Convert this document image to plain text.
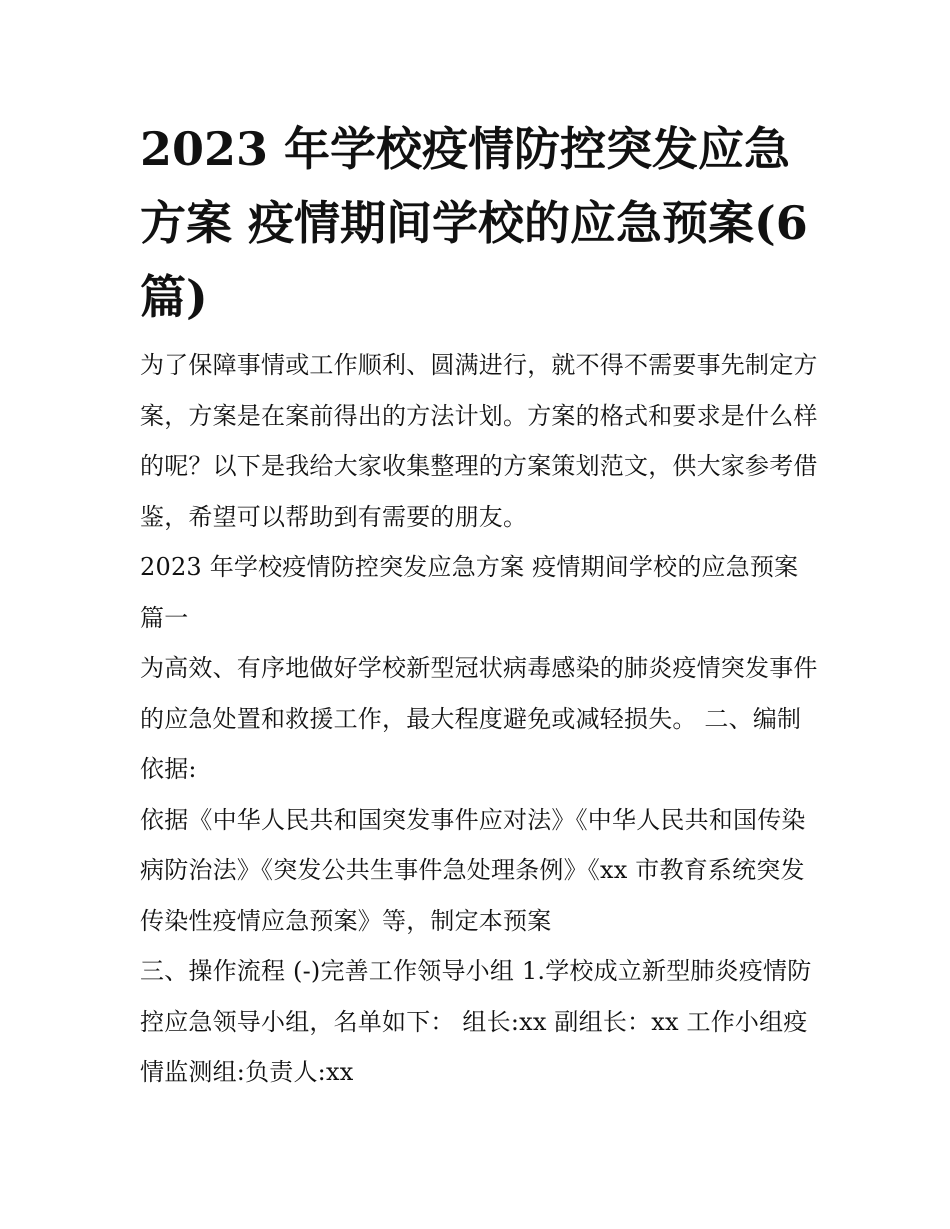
2023 年学校疫情防控突发应急方案 疫情期间学校的应急预案(6 篇)

为了保障事情或工作顺利、圆满进行，就不得不需要事先制定方案，方案是在案前得出的方法计划。方案的格式和要求是什么样的呢？以下是我给大家收集整理的方案策划范文，供大家参考借鉴，希望可以帮助到有需要的朋友。

2023 年学校疫情防控突发应急方案 疫情期间学校的应急预案篇一

为高效、有序地做好学校新型冠状病毒感染的肺炎疫情突发事件的应急处置和救援工作，最大程度避免或减轻损失。 二、编制依据:

依据《中华人民共和国突发事件应对法》《中华人民共和国传染病防治法》《突发公共生事件急处理条例》《xx 市教育系统突发传染性疫情应急预案》等，制定本预案

三、操作流程 (-)完善工作领导小组 1.学校成立新型肺炎疫情防控应急领导小组，名单如下： 组长:xx 副组长：xx 工作小组疫情监测组:负责人:xx
